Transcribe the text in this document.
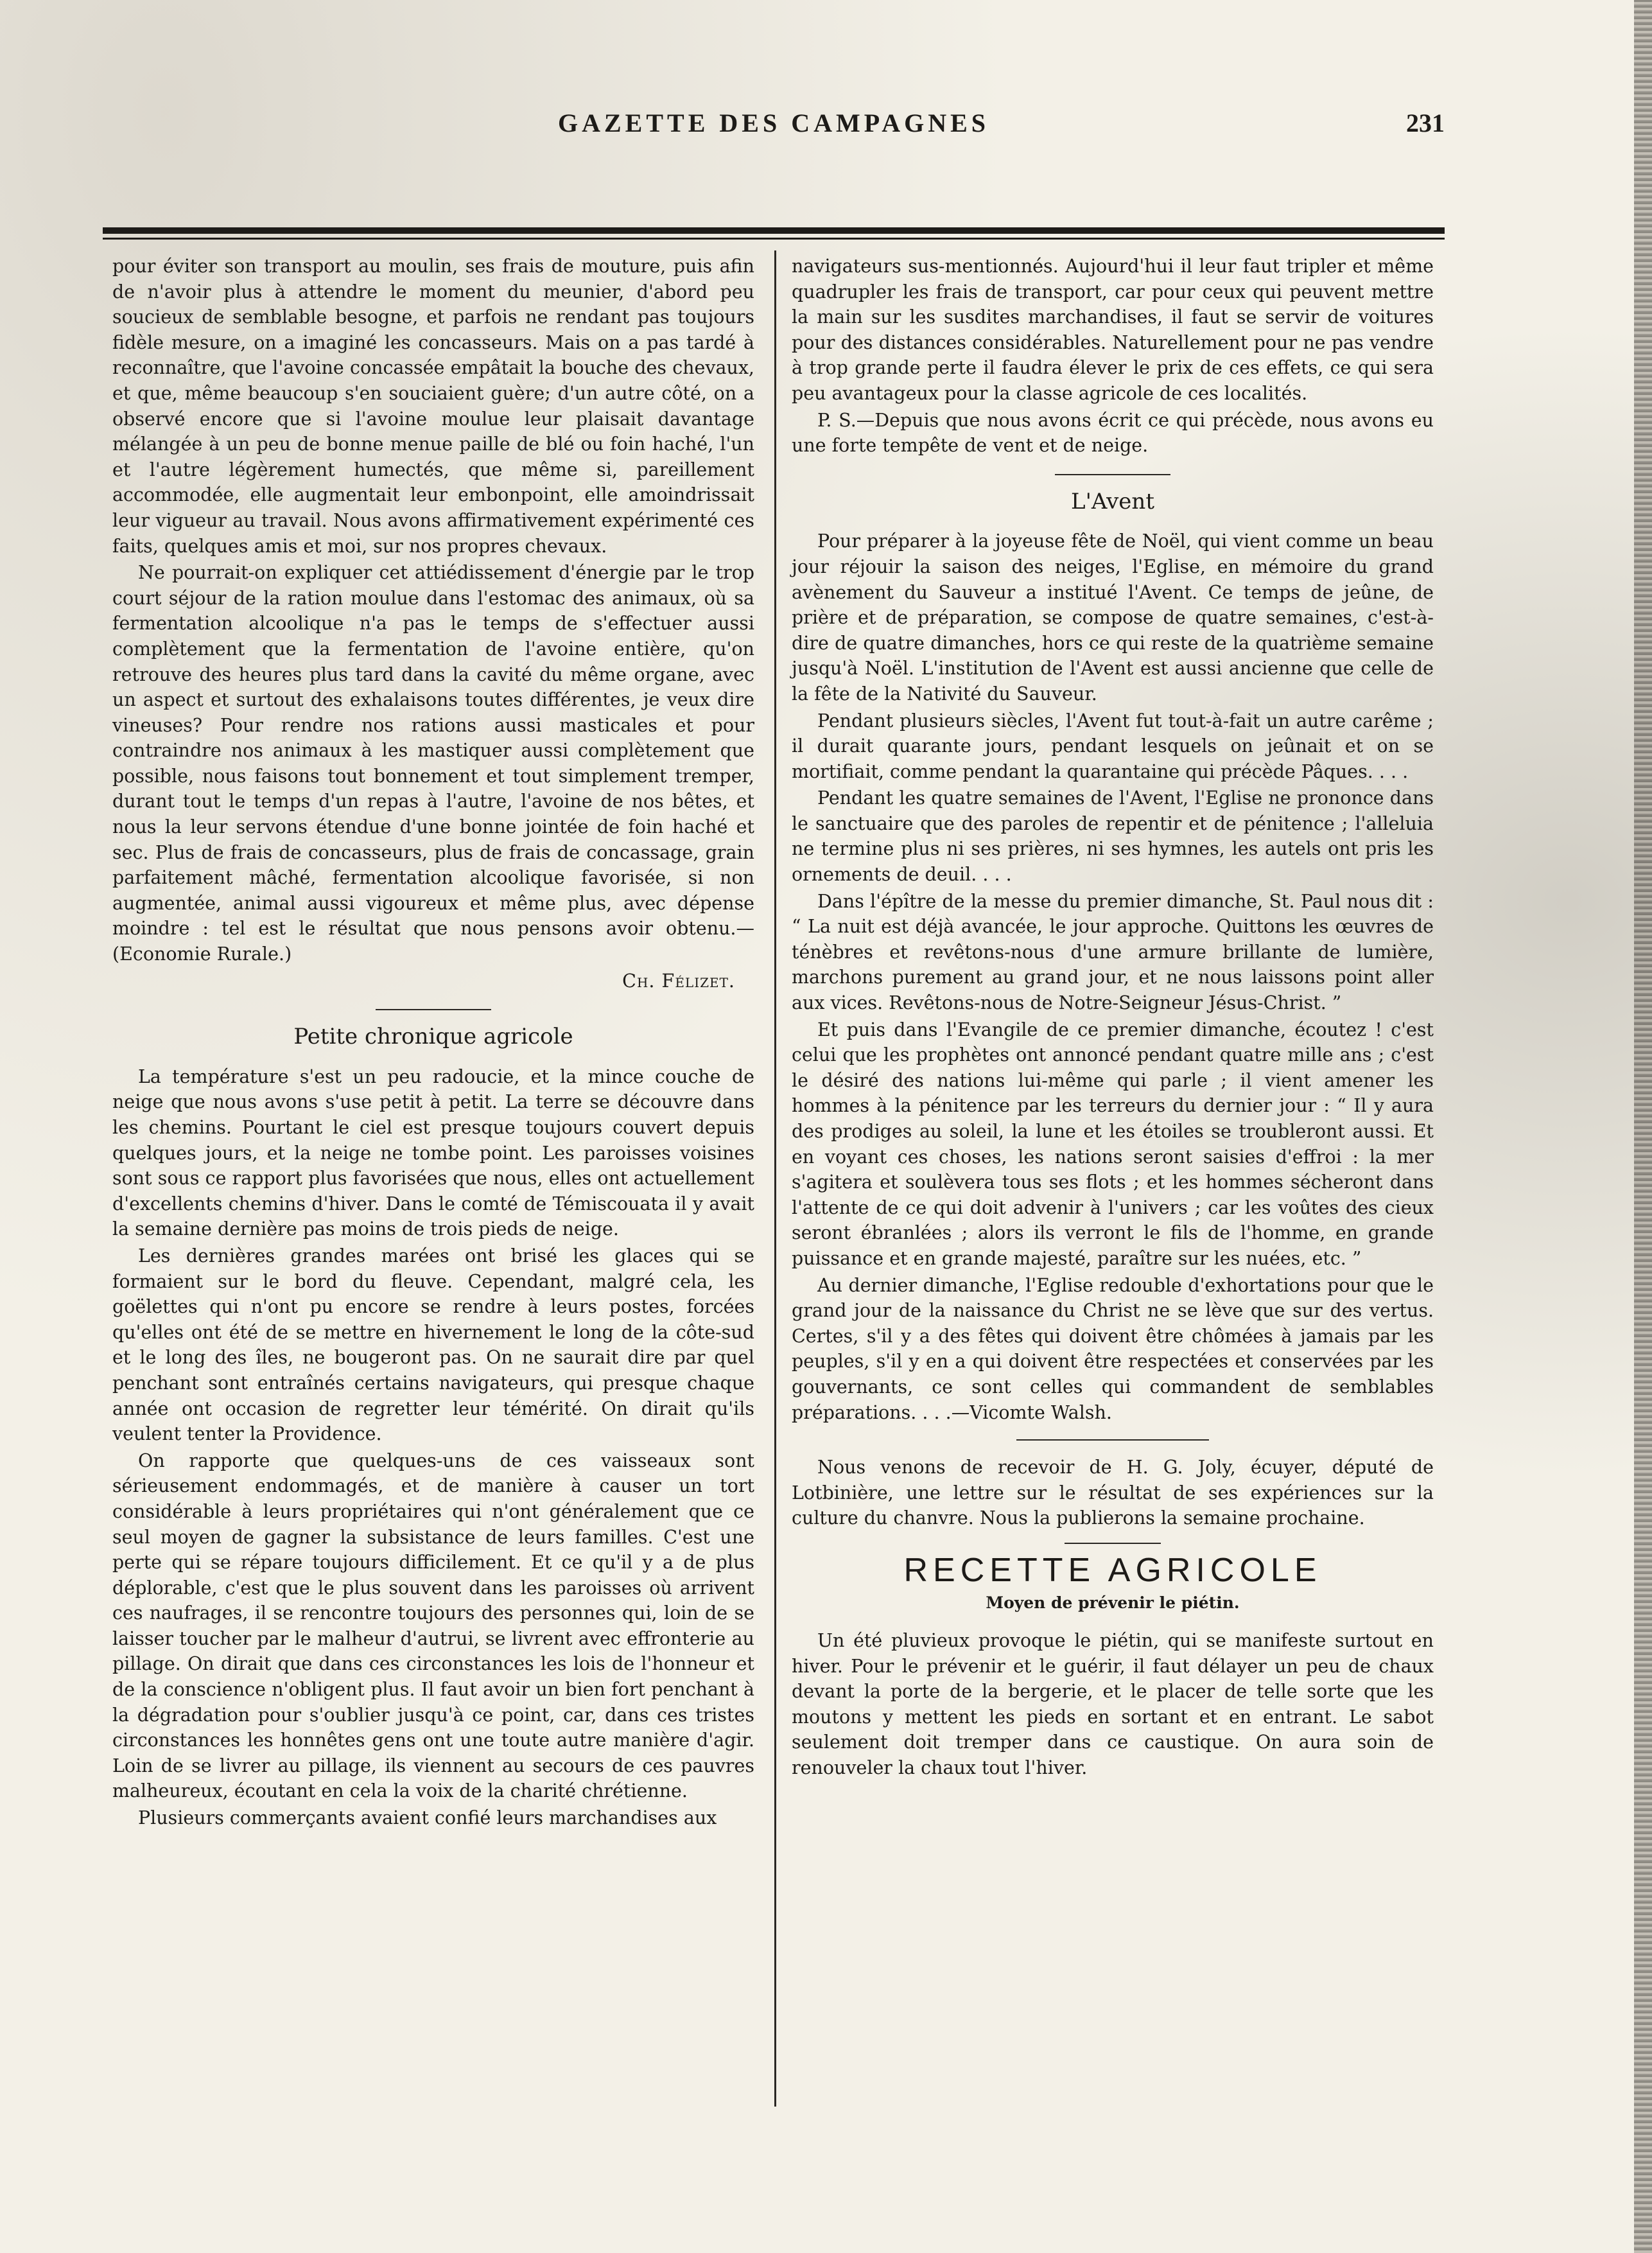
GAZETTE DES CAMPAGNES	231

pour éviter son transport au moulin, ses frais de mouture, puis afin de n'avoir plus à attendre le moment du meunier, d'abord peu soucieux de semblable besogne, et parfois ne rendant pas toujours fidèle mesure, on a imaginé les concasseurs. Mais on a pas tardé à reconnaître, que l'avoine concassée empâtait la bouche des chevaux, et que, même beaucoup s'en souciaient guère; d'un autre côté, on a observé encore que si l'avoine moulue leur plaisait davantage mélangée à un peu de bonne menue paille de blé ou foin haché, l'un et l'autre légèrement humectés, que même si, pareillement accommodée, elle augmentait leur embonpoint, elle amoindrissait leur vigueur au travail. Nous avons affirmativement expérimenté ces faits, quelques amis et moi, sur nos propres chevaux.

Ne pourrait-on expliquer cet attiédissement d'énergie par le trop court séjour de la ration moulue dans l'estomac des animaux, où sa fermentation alcoolique n'a pas le temps de s'effectuer aussi complètement que la fermentation de l'avoine entière, qu'on retrouve des heures plus tard dans la cavité du même organe, avec un aspect et surtout des exhalaisons toutes différentes, je veux dire vineuses? Pour rendre nos rations aussi masticales et pour contraindre nos animaux à les mastiquer aussi complètement que possible, nous faisons tout bonnement et tout simplement tremper, durant tout le temps d'un repas à l'autre, l'avoine de nos bêtes, et nous la leur servons étendue d'une bonne jointée de foin haché et sec. Plus de frais de concasseurs, plus de frais de concassage, grain parfaitement mâché, fermentation alcoolique favorisée, si non augmentée, animal aussi vigoureux et même plus, avec dépense moindre : tel est le résultat que nous pensons avoir obtenu.—(Economie Rurale.)

Ch. Félizet.

Petite chronique agricole

La température s'est un peu radoucie, et la mince couche de neige que nous avons s'use petit à petit. La terre se découvre dans les chemins. Pourtant le ciel est presque toujours couvert depuis quelques jours, et la neige ne tombe point. Les paroisses voisines sont sous ce rapport plus favorisées que nous, elles ont actuellement d'excellents chemins d'hiver. Dans le comté de Témiscouata il y avait la semaine dernière pas moins de trois pieds de neige.

Les dernières grandes marées ont brisé les glaces qui se formaient sur le bord du fleuve. Cependant, malgré cela, les goëlettes qui n'ont pu encore se rendre à leurs postes, forcées qu'elles ont été de se mettre en hivernement le long de la côte-sud et le long des îles, ne bougeront pas. On ne saurait dire par quel penchant sont entraînés certains navigateurs, qui presque chaque année ont occasion de regretter leur témérité. On dirait qu'ils veulent tenter la Providence.

On rapporte que quelques-uns de ces vaisseaux sont sérieusement endommagés, et de manière à causer un tort considérable à leurs propriétaires qui n'ont généralement que ce seul moyen de gagner la subsistance de leurs familles. C'est une perte qui se répare toujours difficilement. Et ce qu'il y a de plus déplorable, c'est que le plus souvent dans les paroisses où arrivent ces naufrages, il se rencontre toujours des personnes qui, loin de se laisser toucher par le malheur d'autrui, se livrent avec effronterie au pillage. On dirait que dans ces circonstances les lois de l'honneur et de la conscience n'obligent plus. Il faut avoir un bien fort penchant à la dégradation pour s'oublier jusqu'à ce point, car, dans ces tristes circonstances les honnêtes gens ont une toute autre manière d'agir. Loin de se livrer au pillage, ils viennent au secours de ces pauvres malheureux, écoutant en cela la voix de la charité chrétienne.

Plusieurs commerçants avaient confié leurs marchandises aux

navigateurs sus-mentionnés. Aujourd'hui il leur faut tripler et même quadrupler les frais de transport, car pour ceux qui peuvent mettre la main sur les susdites marchandises, il faut se servir de voitures pour des distances considérables. Naturellement pour ne pas vendre à trop grande perte il faudra élever le prix de ces effets, ce qui sera peu avantageux pour la classe agricole de ces localités.

P. S.—Depuis que nous avons écrit ce qui précède, nous avons eu une forte tempête de vent et de neige.

L'Avent

Pour préparer à la joyeuse fête de Noël, qui vient comme un beau jour réjouir la saison des neiges, l'Eglise, en mémoire du grand avènement du Sauveur a institué l'Avent. Ce temps de jeûne, de prière et de préparation, se compose de quatre semaines, c'est-à-dire de quatre dimanches, hors ce qui reste de la quatrième semaine jusqu'à Noël. L'institution de l'Avent est aussi ancienne que celle de la fête de la Nativité du Sauveur.

Pendant plusieurs siècles, l'Avent fut tout-à-fait un autre carême ; il durait quarante jours, pendant lesquels on jeûnait et on se mortifiait, comme pendant la quarantaine qui précède Pâques. . . .

Pendant les quatre semaines de l'Avent, l'Eglise ne prononce dans le sanctuaire que des paroles de repentir et de pénitence ; l'alleluia ne termine plus ni ses prières, ni ses hymnes, les autels ont pris les ornements de deuil. . . .

Dans l'épître de la messe du premier dimanche, St. Paul nous dit : “ La nuit est déjà avancée, le jour approche. Quittons les œuvres de ténèbres et revêtons-nous d'une armure brillante de lumière, marchons purement au grand jour, et ne nous laissons point aller aux vices. Revêtons-nous de Notre-Seigneur Jésus-Christ. ”

Et puis dans l'Evangile de ce premier dimanche, écoutez ! c'est celui que les prophètes ont annoncé pendant quatre mille ans ; c'est le désiré des nations lui-même qui parle ; il vient amener les hommes à la pénitence par les terreurs du dernier jour : “ Il y aura des prodiges au soleil, la lune et les étoiles se troubleront aussi. Et en voyant ces choses, les nations seront saisies d'effroi : la mer s'agitera et soulèvera tous ses flots ; et les hommes sécheront dans l'attente de ce qui doit advenir à l'univers ; car les voûtes des cieux seront ébranlées ; alors ils verront le fils de l'homme, en grande puissance et en grande majesté, paraître sur les nuées, etc. ”

Au dernier dimanche, l'Eglise redouble d'exhortations pour que le grand jour de la naissance du Christ ne se lève que sur des vertus. Certes, s'il y a des fêtes qui doivent être chômées à jamais par les peuples, s'il y en a qui doivent être respectées et conservées par les gouvernants, ce sont celles qui commandent de semblables préparations. . . .—Vicomte Walsh.

Nous venons de recevoir de H. G. Joly, écuyer, député de Lotbinière, une lettre sur le résultat de ses expériences sur la culture du chanvre. Nous la publierons la semaine prochaine.

RECETTE AGRICOLE
Moyen de prévenir le piétin.

Un été pluvieux provoque le piétin, qui se manifeste surtout en hiver. Pour le prévenir et le guérir, il faut délayer un peu de chaux devant la porte de la bergerie, et le placer de telle sorte que les moutons y mettent les pieds en sortant et en entrant. Le sabot seulement doit tremper dans ce caustique. On aura soin de renouveler la chaux tout l'hiver.
